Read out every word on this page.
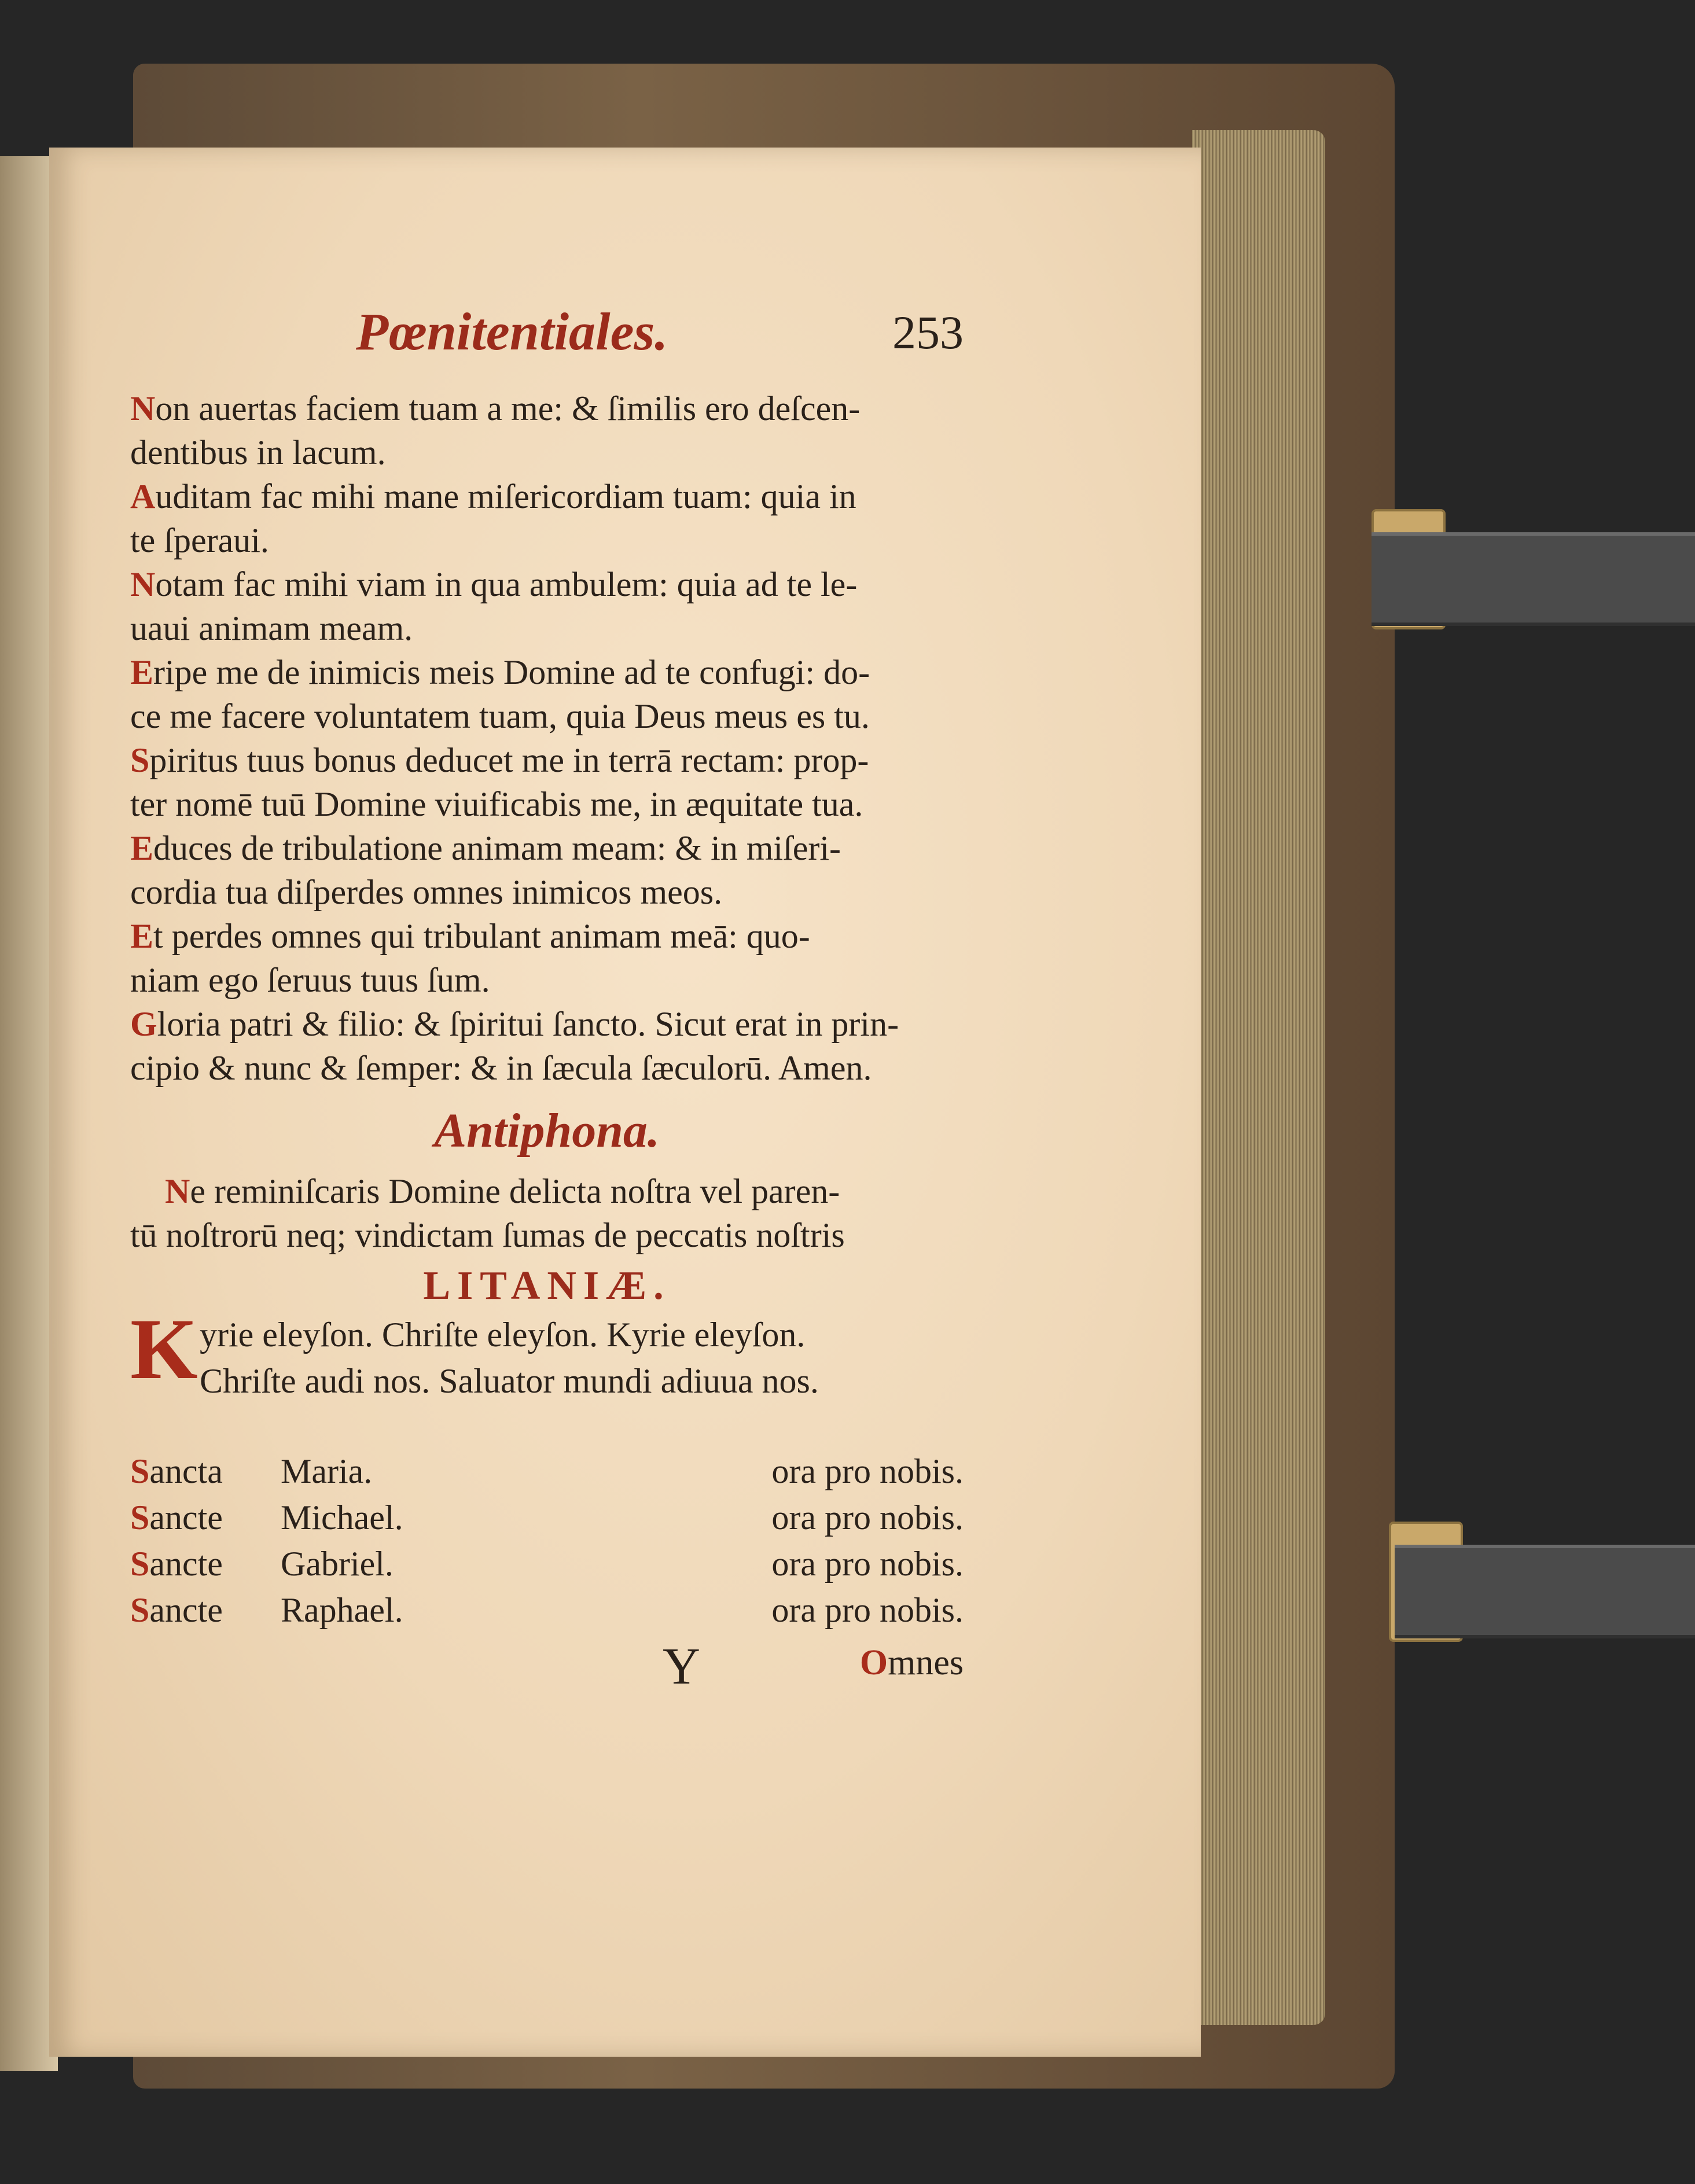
Pœnitentiales.	253

Non auertas faciem tuam a me: & ſimilis ero deſcen-

dentibus in lacum.

Auditam fac mihi mane miſericordiam tuam: quia in

te ſperaui.

Notam fac mihi viam in qua ambulem: quia ad te le-

uaui animam meam.

Eripe me de inimicis meis Domine ad te confugi: do-

ce me facere voluntatem tuam, quia Deus meus es tu.

Spiritus tuus bonus deducet me in terrā rectam: prop-

ter nomē tuū Domine viuificabis me, in æquitate tua.

Educes de tribulatione animam meam: & in miſeri-

cordia tua diſperdes omnes inimicos meos.

Et perdes omnes qui tribulant animam meā: quo-

niam ego ſeruus tuus ſum.

Gloria patri & filio: & ſpiritui ſancto. Sicut erat in prin-

cipio & nunc & ſemper: & in ſæcula ſæculorū. Amen.

Antiphona.

Ne reminiſcaris Domine delicta noſtra vel paren-

tū noſtrorū neq; vindictam ſumas de peccatis noſtris

LITANIÆ.
K yrie eleyſon. Chriſte eleyſon. Kyrie eleyſon.
Chriſte audi nos. Saluator mundi adiuua nos.
Sancta Maria.	ora pro nobis.
Sancte Michael.	ora pro nobis.
Sancte Gabriel.	ora pro nobis.
Sancte Raphael.	ora pro nobis.
Y	Omnes
